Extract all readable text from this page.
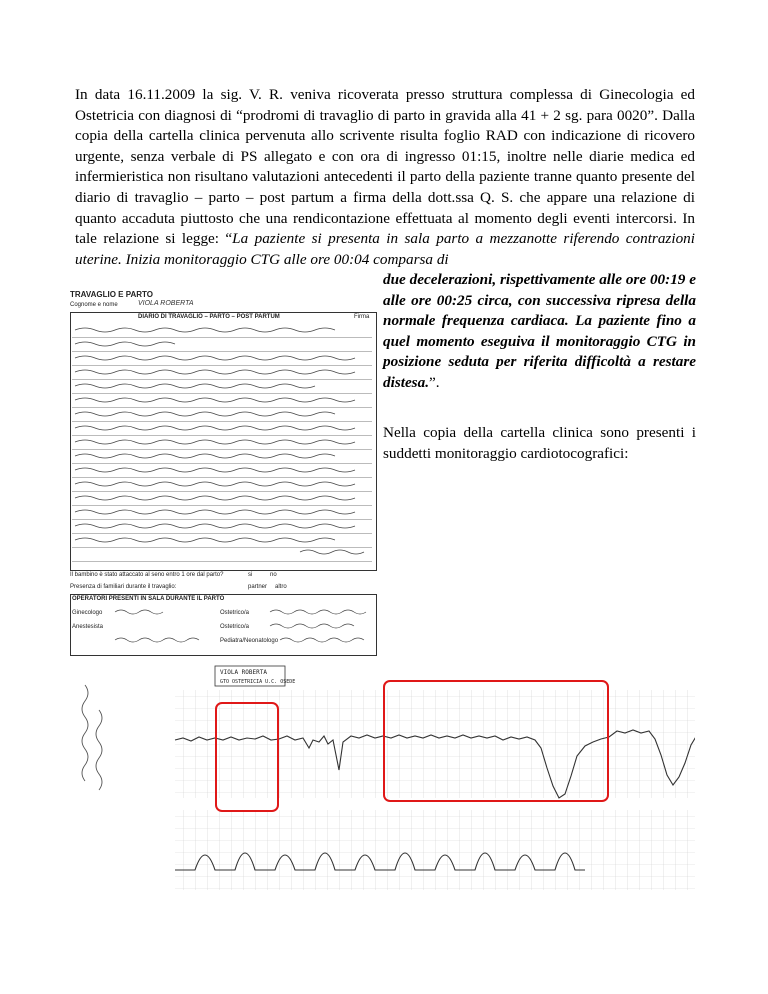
In data 16.11.2009 la sig. V. R. veniva ricoverata presso struttura complessa di Ginecologia ed Ostetricia con diagnosi di “prodromi di travaglio di parto in gravida alla 41 + 2 sg. para 0020”. Dalla copia della cartella clinica pervenuta allo scrivente risulta foglio RAD con indicazione di ricovero urgente, senza verbale di PS allegato e con ora di ingresso 01:15, inoltre nelle diarie medica ed infermieristica non risultano valutazioni antecedenti il parto della paziente tranne quanto presente del diario di travaglio – parto – post partum a firma della dott.ssa Q. S. che appare una relazione di quanto accaduta piuttosto che una rendicontazione effettuata al momento degli eventi intercorsi. In tale relazione si legge: “La paziente si presenta in sala parto a mezzanotte riferendo contrazioni uterine. Inizia monitoraggio CTG alle ore 00:04 comparsa di

due decelerazioni, rispettivamente alle ore 00:19 e alle ore 00:25 circa, con successiva ripresa della normale frequenza cardiaca. La paziente fino a quel momento eseguiva il monitoraggio CTG in posizione seduta per riferita difficoltà a restare distesa.”.

Nella copia della cartella clinica sono presenti i suddetti monitoraggio cardiotocografici:

TRAVAGLIO E PARTO
Cognome e nome	VIOLA ROBERTA
DIARIO DI TRAVAGLIO – PARTO – POST PARTUM	Firma
Il bambino è stato attaccato al seno entro 1 ore dal parto?	si	no
Presenza di familiari durante il travaglio:	partner altro
OPERATORI PRESENTI IN SALA DURANTE IL PARTO
Ginecologo
Anestesista
Ostetrico/a
Ostetrico/a
Pediatra/Neonatologo
VIOLA ROBERTA
GTO OSTETRICIA U.C. OSEDE
